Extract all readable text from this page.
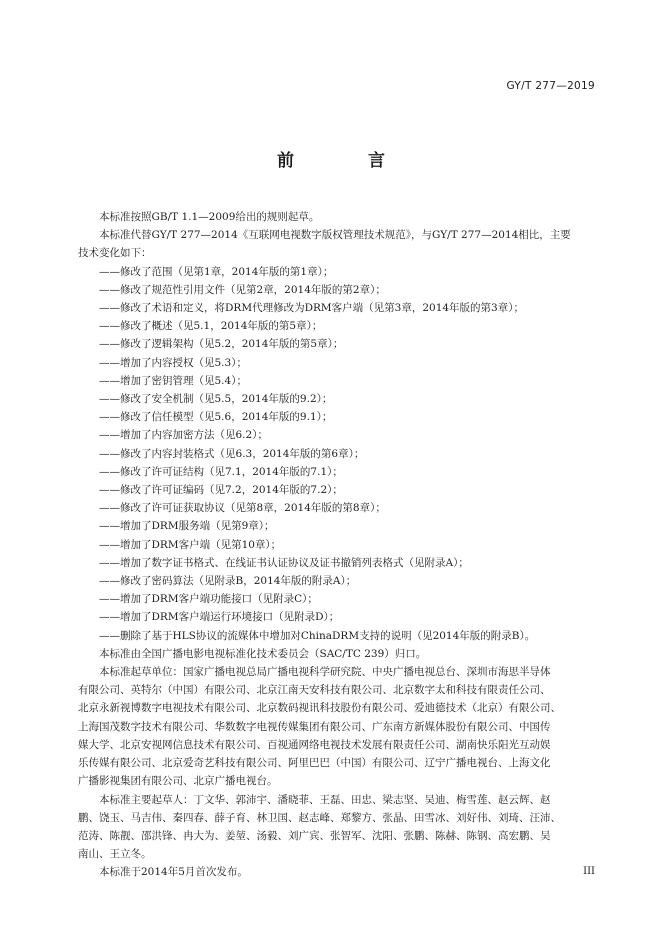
GY/T 277—2019
前 言

本标准按照GB/T 1.1—2009给出的规则起草。

本标准代替GY/T 277—2014《互联网电视数字版权管理技术规范》，与GY/T 277—2014相比，主要

技术变化如下：

——修改了范围（见第1章，2014年版的第1章）；

——修改了规范性引用文件（见第2章，2014年版的第2章）；

——修改了术语和定义，将DRM代理修改为DRM客户端（见第3章，2014年版的第3章）；

——修改了概述（见5.1，2014年版的第5章）；

——修改了逻辑架构（见5.2，2014年版的第5章）；

——增加了内容授权（见5.3）；

——增加了密钥管理（见5.4）；

——修改了安全机制（见5.5，2014年版的9.2）；

——修改了信任模型（见5.6，2014年版的9.1）；

——增加了内容加密方法（见6.2）；

——修改了内容封装格式（见6.3，2014年版的第6章）；

——修改了许可证结构（见7.1，2014年版的7.1）；

——修改了许可证编码（见7.2，2014年版的7.2）；

——修改了许可证获取协议（见第8章，2014年版的第8章）；

——增加了DRM服务端（见第9章）；

——增加了DRM客户端（见第10章）；

——增加了数字证书格式、在线证书认证协议及证书撤销列表格式（见附录A）；

——修改了密码算法（见附录B，2014年版的附录A）；

——增加了DRM客户端功能接口（见附录C）；

——增加了DRM客户端运行环境接口（见附录D）；

——删除了基于HLS协议的流媒体中增加对ChinaDRM支持的说明（见2014年版的附录B）。

本标准由全国广播电影电视标准化技术委员会（SAC/TC 239）归口。

本标准起草单位：国家广播电视总局广播电视科学研究院、中央广播电视总台、深圳市海思半导体

有限公司、英特尔（中国）有限公司、北京江南天安科技有限公司、北京数字太和科技有限责任公司、

北京永新视博数字电视技术有限公司、北京数码视讯科技股份有限公司、爱迪德技术（北京）有限公司、

上海国茂数字技术有限公司、华数数字电视传媒集团有限公司、广东南方新媒体股份有限公司、中国传

媒大学、北京安视网信息技术有限公司、百视通网络电视技术发展有限责任公司、湖南快乐阳光互动娱

乐传媒有限公司、北京爱奇艺科技有限公司、阿里巴巴（中国）有限公司、辽宁广播电视台、上海文化

广播影视集团有限公司、北京广播电视台。

本标准主要起草人：丁文华、郭沛宇、潘晓菲、王磊、田忠、梁志坚、吴迪、梅雪莲、赵云辉、赵

鹏、饶玉、马吉伟、秦四春、薛子育、林卫国、赵志峰、郑黎方、张晶、田雪冰、刘好伟、刘琦、汪沛、

范涛、陈靓、邵洪锋、冉大为、姜堃、汤毅、刘广宾、张智军、沈阳、张鹏、陈赫、陈钢、高宏鹏、吴

南山、王立冬。

本标准于2014年5月首次发布。	III
